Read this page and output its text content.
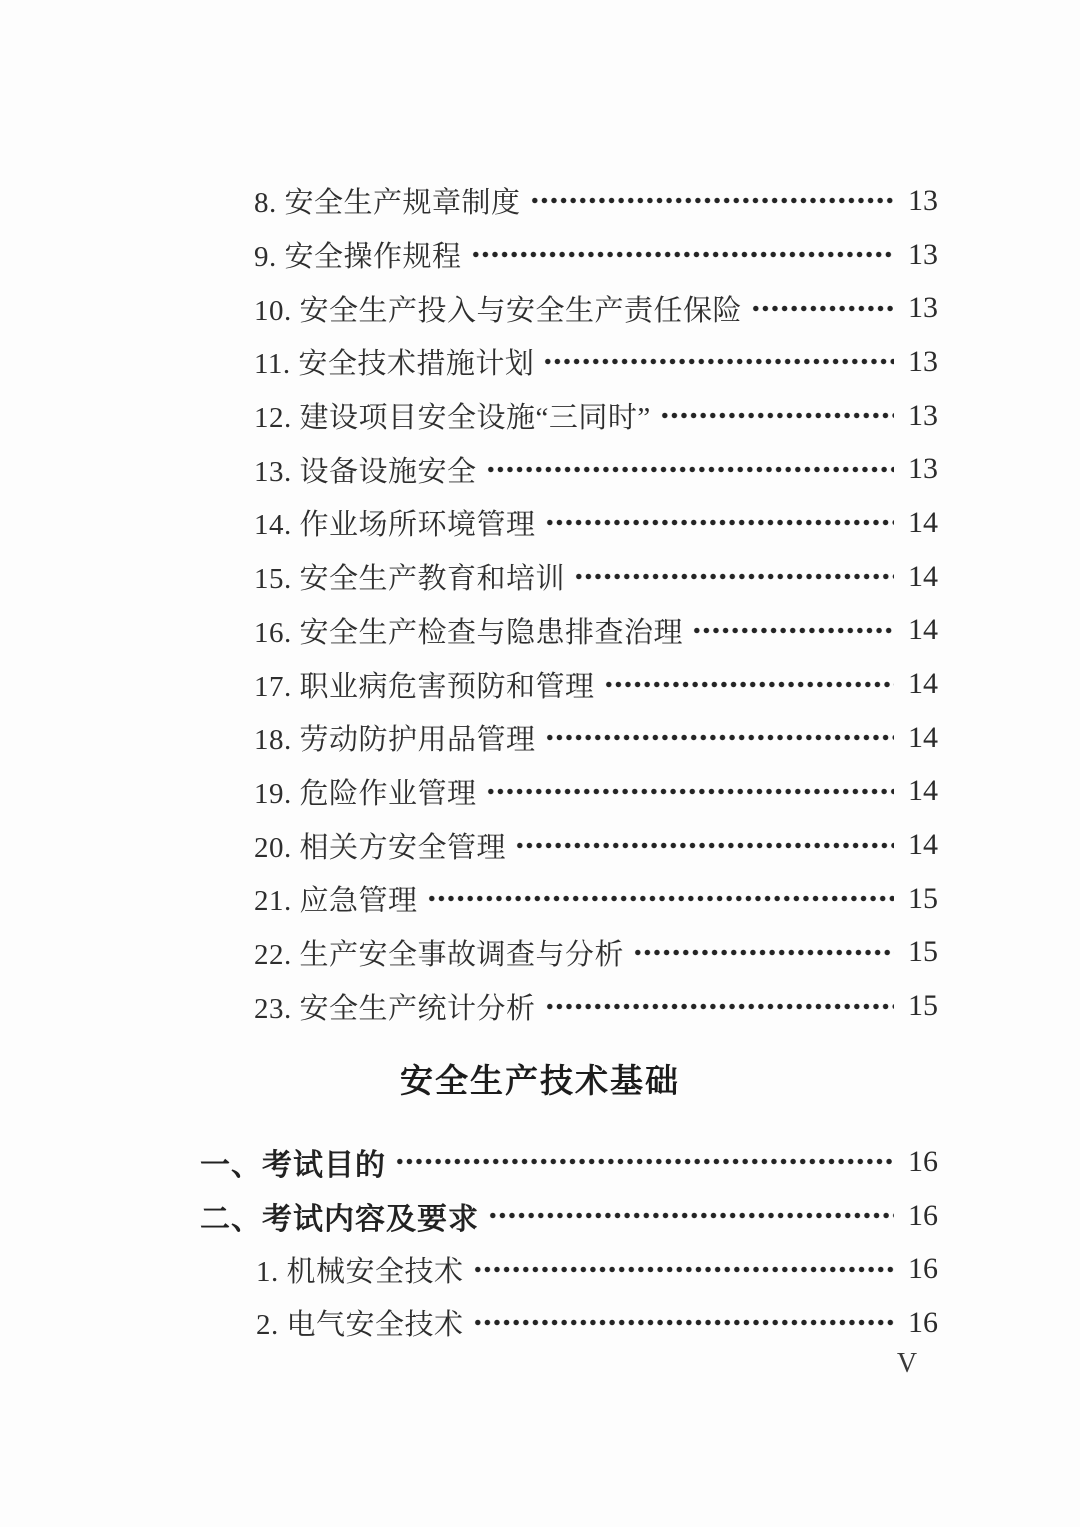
8. 安全生产规章制度	13
9. 安全操作规程	13
10. 安全生产投入与安全生产责任保险	13
11. 安全技术措施计划	13
12. 建设项目安全设施“三同时”	13
13. 设备设施安全	13
14. 作业场所环境管理	14
15. 安全生产教育和培训	14
16. 安全生产检查与隐患排查治理	14
17. 职业病危害预防和管理	14
18. 劳动防护用品管理	14
19. 危险作业管理	14
20. 相关方安全管理	14
21. 应急管理	15
22. 生产安全事故调查与分析	15
23. 安全生产统计分析	15
安全生产技术基础
一、考试目的	16
二、考试内容及要求	16
1. 机械安全技术	16
2. 电气安全技术	16
V
